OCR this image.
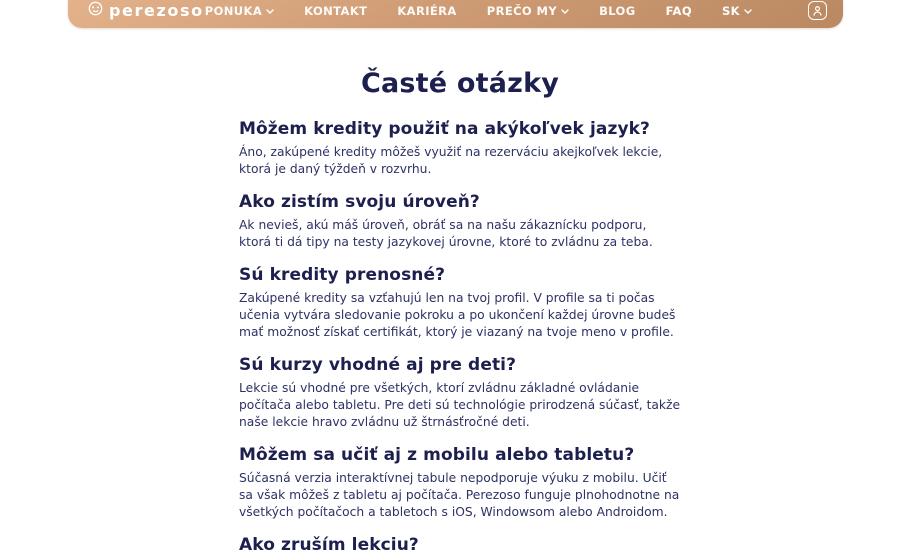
perezoso PONUKA	KONTAKT	KARIÉRA	PREČO MY	BLOG	FAQ	SK
Časté otázky
Môžem kredity použiť na akýkoľvek jazyk?

Áno, zakúpené kredity môžeš využiť na rezerváciu akejkoľvek lekcie, ktorá je daný týždeň v rozvrhu.

Ako zistím svoju úroveň?

Ak nevieš, akú máš úroveň, obráť sa na našu zákaznícku podporu, ktorá ti dá tipy na testy jazykovej úrovne, ktoré to zvládnu za teba.

Sú kredity prenosné?

Zakúpené kredity sa vzťahujú len na tvoj profil. V profile sa ti počas učenia vytvára sledovanie pokroku a po ukončení každej úrovne budeš mať možnosť získať certifikát, ktorý je viazaný na tvoje meno v profile.

Sú kurzy vhodné aj pre deti?

Lekcie sú vhodné pre všetkých, ktorí zvládnu základné ovládanie počítača alebo tabletu. Pre deti sú technológie prirodzená súčasť, takže naše lekcie hravo zvládnu už štrnásťročné deti.

Môžem sa učiť aj z mobilu alebo tabletu?

Súčasná verzia interaktívnej tabule nepodporuje výuku z mobilu. Učiť sa však môžeš z tabletu aj počítača. Perezoso funguje plnohodnotne na všetkých počítačoch a tabletoch s iOS, Windowsom alebo Androidom.

Ako zruším lekciu?
